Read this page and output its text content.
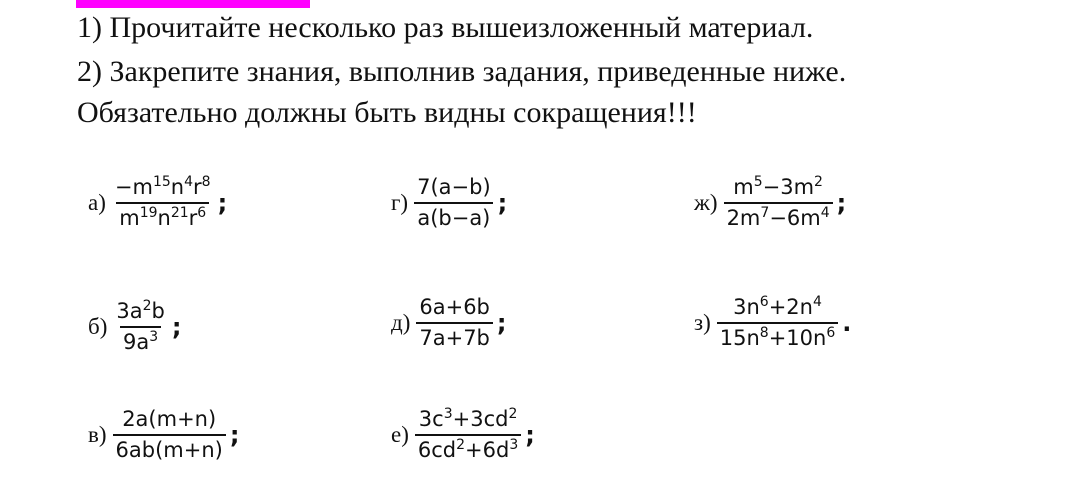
1) Прочитайте несколько раз вышеизложенный материал.
2) Закрепите знания, выполнив задания, приведенные ниже.
Обязательно должны быть видны сокращения!!!
$а) \frac{-m^{15}n^4r^8}{m^{19}n^{21}r^6}$ ;	$г) \frac{7(a-b)}{a(b-a)}$ ;	$ж) \frac{m^5-3m^2}{2m^7-6m^4}$ ;
$б) \frac{3a^2b}{9a^3}$ ;	$д) \frac{6a+6b}{7a+7b}$ ;	$з) \frac{3n^6+2n^4}{15n^8+10n^6}$ .
$в) \frac{2a(m+n)}{6ab(m+n)}$ ;	$е) \frac{3c^3+3cd^2}{6cd^2+6d^3}$ ;
